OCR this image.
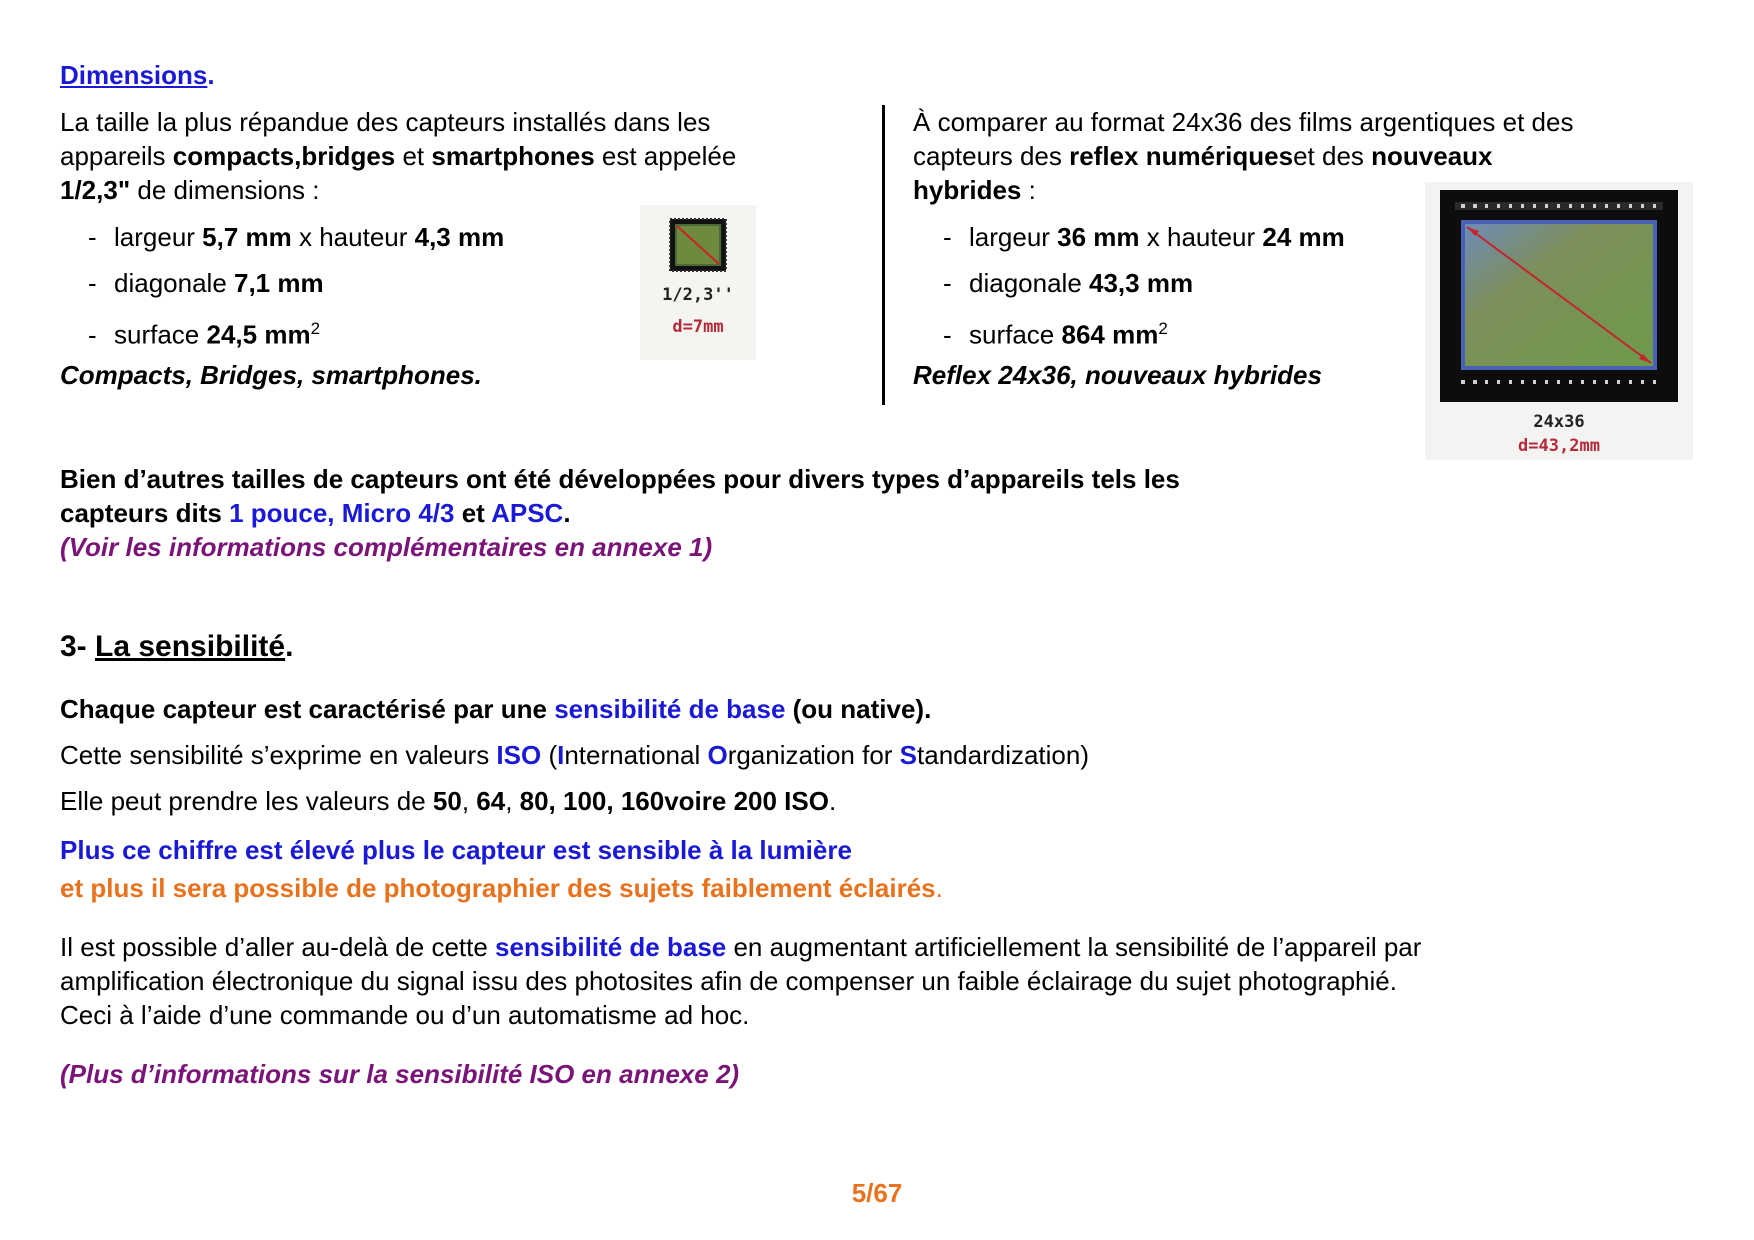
Dimensions.
La taille la plus répandue des capteurs installés dans les
appareils compacts,bridges et smartphones est appelée
1/2,3" de dimensions :
- largeur 5,7 mm x hauteur 4,3 mm
- diagonale 7,1 mm
- surface 24,5 $mm^2$
Compacts, Bridges, smartphones.
1/2,3''
d=7mm
À comparer au format 24x36 des films argentiques et des
capteurs des reflex numériqueset des nouveaux
hybrides :
- largeur 36 mm x hauteur 24 mm
- diagonale 43,3 mm
- surface 864 $mm^2$
Reflex 24x36, nouveaux hybrides
24x36
d=43,2mm
Bien d’autres tailles de capteurs ont été développées pour divers types d’appareils tels les
capteurs dits 1 pouce, Micro 4/3 et APSC.
(Voir les informations complémentaires en annexe 1)
3- La sensibilité.
Chaque capteur est caractérisé par une sensibilité de base (ou native).
Cette sensibilité s’exprime en valeurs ISO (International Organization for Standardization)
Elle peut prendre les valeurs de 50, 64, 80, 100, 160voire 200 ISO.
Plus ce chiffre est élevé plus le capteur est sensible à la lumière
et plus il sera possible de photographier des sujets faiblement éclairés.
Il est possible d’aller au-delà de cette sensibilité de base en augmentant artificiellement la sensibilité de l’appareil par
amplification électronique du signal issu des photosites afin de compenser un faible éclairage du sujet photographié.
Ceci à l’aide d’une commande ou d’un automatisme ad hoc.
(Plus d’informations sur la sensibilité ISO en annexe 2)
5/67
